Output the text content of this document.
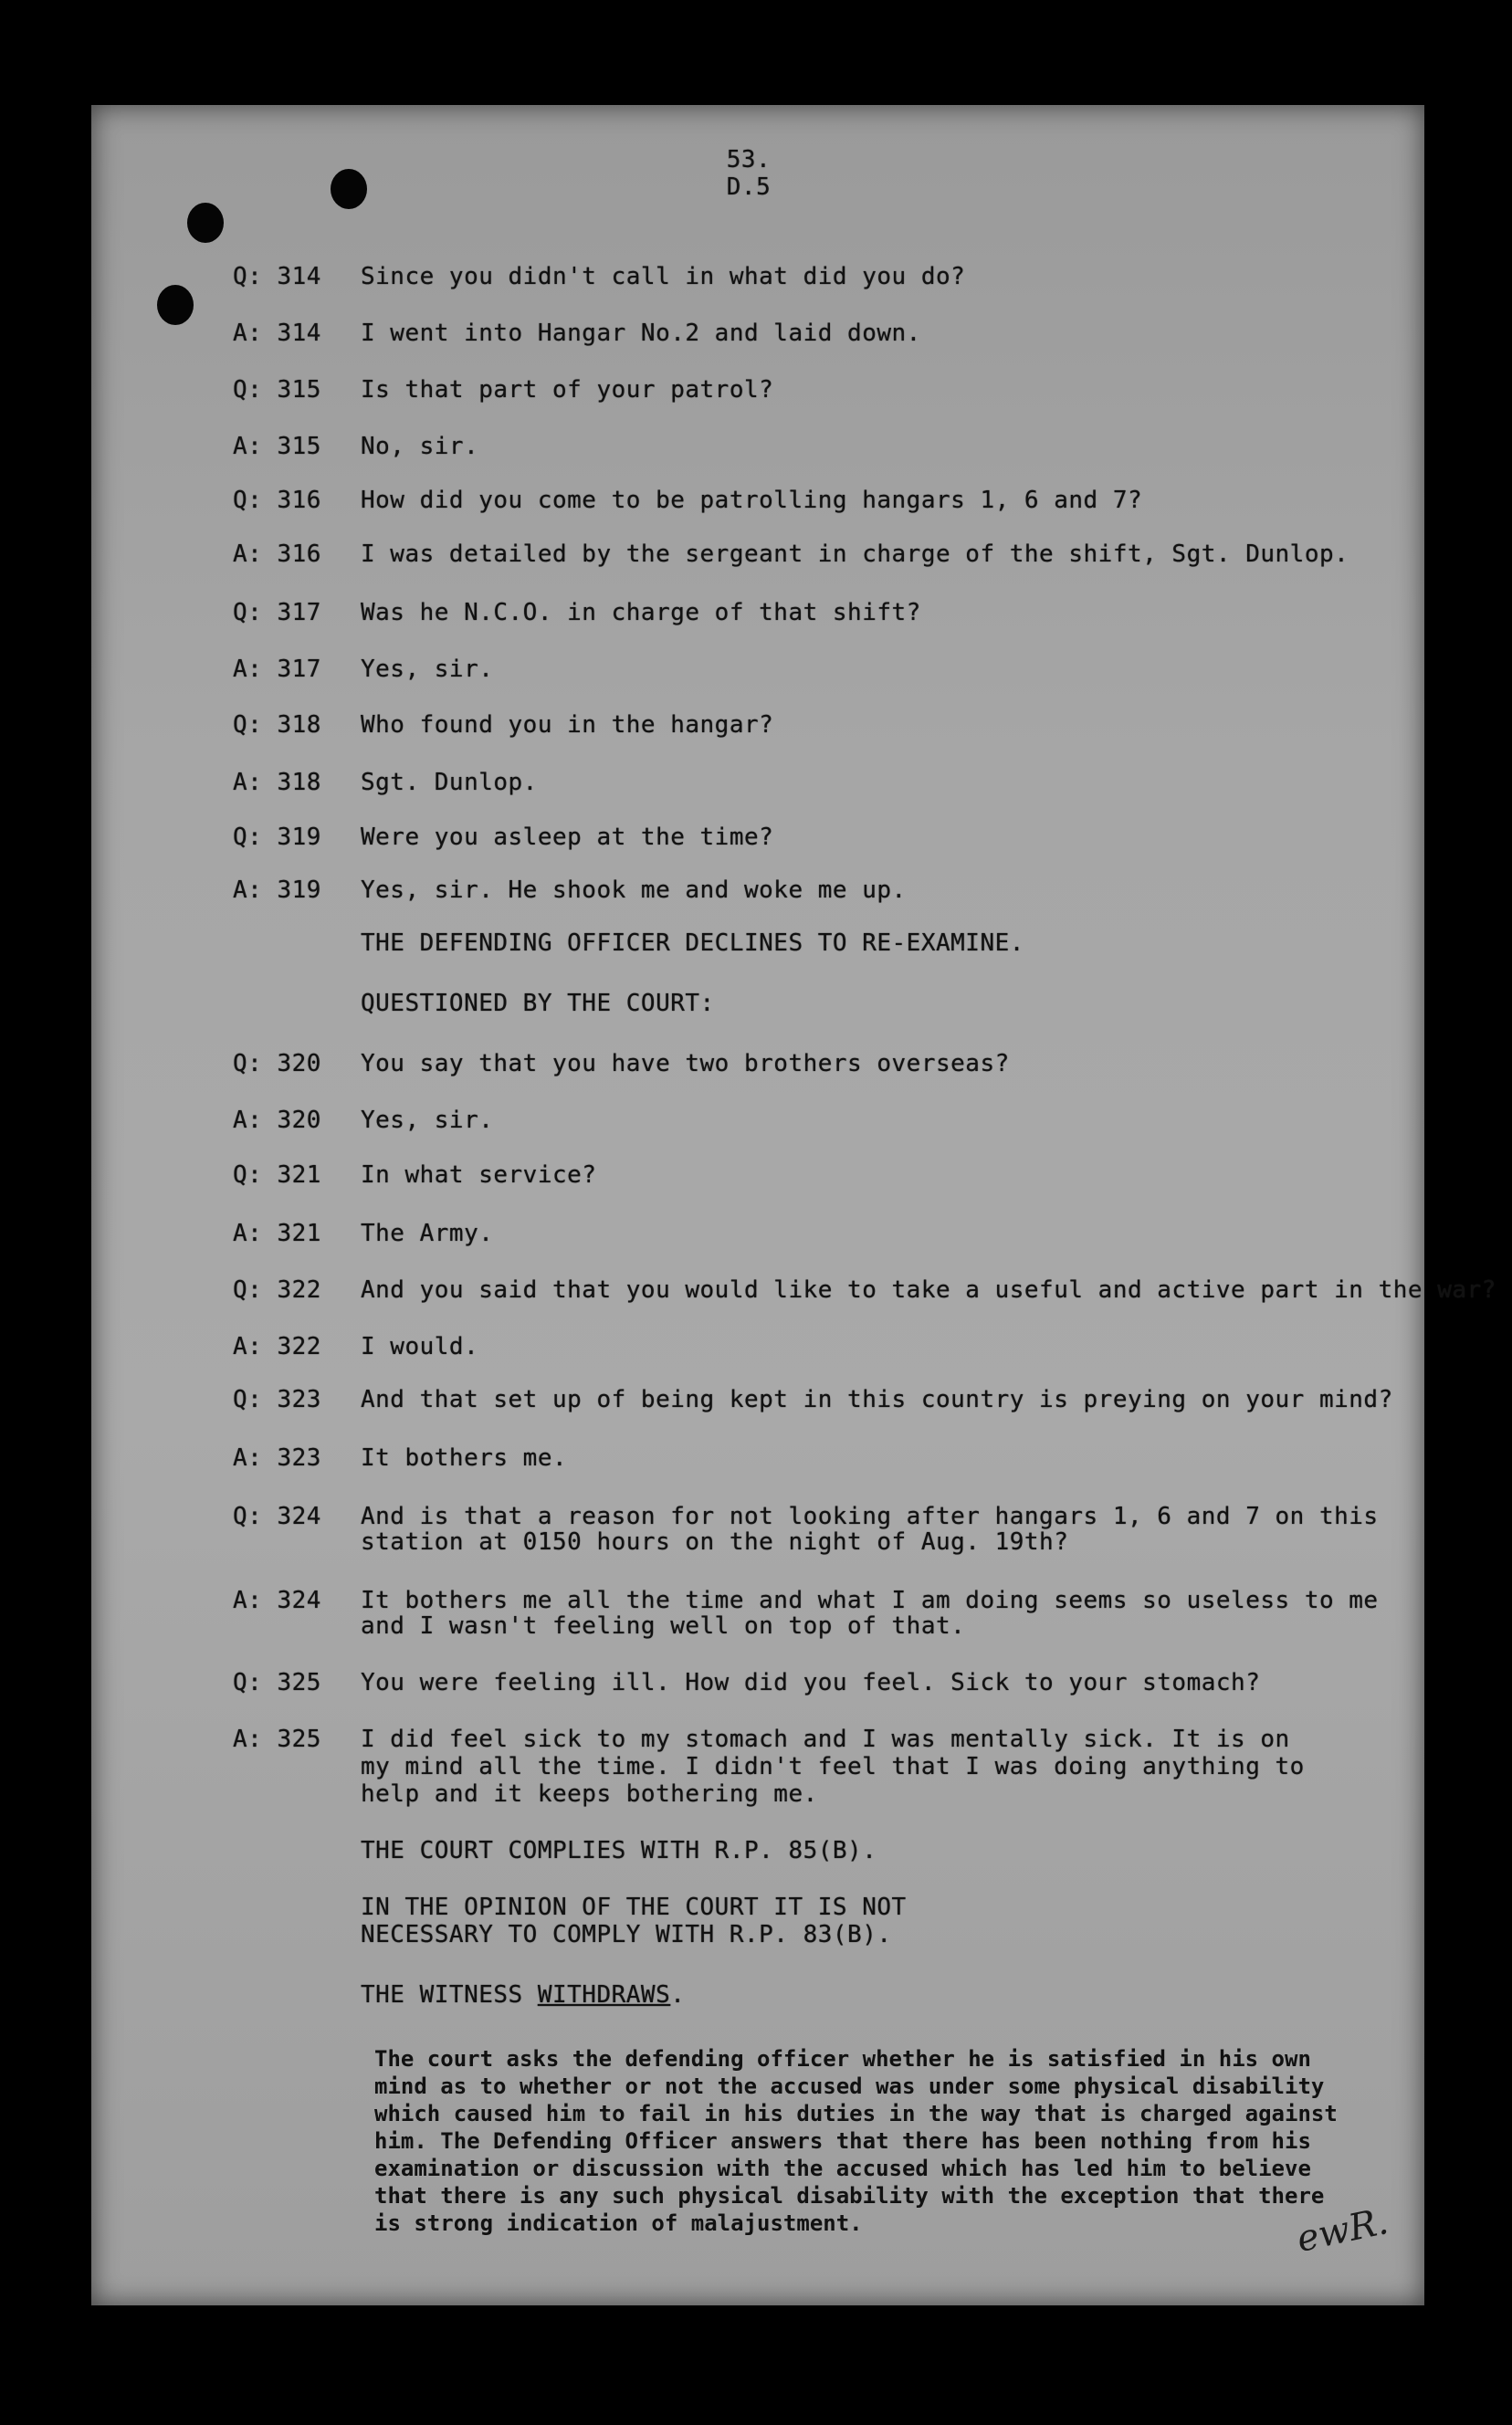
53.
D.5
Q: 314 Since you didn't call in what did you do?
A: 314 I went into Hangar No.2 and laid down.
Q: 315 Is that part of your patrol?
A: 315 No, sir.
Q: 316 How did you come to be patrolling hangars 1, 6 and 7?
A: 316 I was detailed by the sergeant in charge of the shift, Sgt. Dunlop.
Q: 317 Was he N.C.O. in charge of that shift?
A: 317 Yes, sir.
Q: 318 Who found you in the hangar?
A: 318 Sgt. Dunlop.
Q: 319 Were you asleep at the time?
A: 319 Yes, sir. He shook me and woke me up.
THE DEFENDING OFFICER DECLINES TO RE-EXAMINE.
QUESTIONED BY THE COURT:
Q: 320 You say that you have two brothers overseas?
A: 320 Yes, sir.
Q: 321 In what service?
A: 321 The Army.
Q: 322 And you said that you would like to take a useful and active part in the war?
A: 322 I would.
Q: 323 And that set up of being kept in this country is preying on your mind?
A: 323 It bothers me.
Q: 324 And is that a reason for not looking after hangars 1, 6 and 7 on this
station at 0150 hours on the night of Aug. 19th?
A: 324 It bothers me all the time and what I am doing seems so useless to me
and I wasn't feeling well on top of that.
Q: 325 You were feeling ill. How did you feel. Sick to your stomach?
A: 325 I did feel sick to my stomach and I was mentally sick. It is on
my mind all the time. I didn't feel that I was doing anything to
help and it keeps bothering me.
THE COURT COMPLIES WITH R.P. 85(B).
IN THE OPINION OF THE COURT IT IS NOT
NECESSARY TO COMPLY WITH R.P. 83(B).
THE WITNESS WITHDRAWS.
The court asks the defending officer whether he is satisfied in his own mind as to whether or not the accused was under some physical disability which caused him to fail in his duties in the way that is charged against him. The Defending Officer answers that there has been nothing from his examination or discussion with the accused which has led him to believe that there is any such physical disability with the exception that there is strong indication of malajustment.	ewR.
